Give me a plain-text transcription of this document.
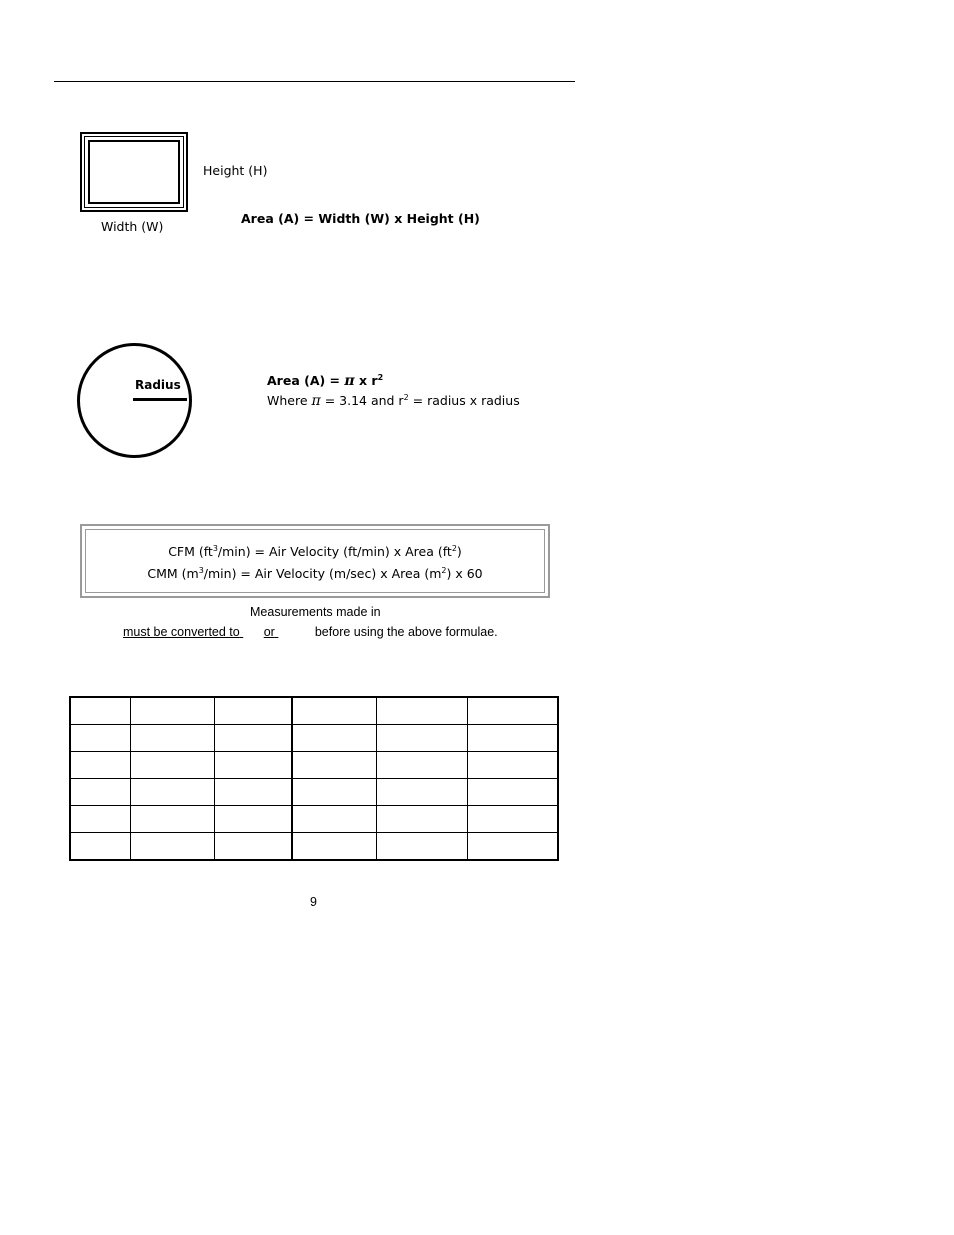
Height (H)
Width (W)
Area (A) = Width (W) x Height (H)
Radius	Area (A) = π x $r^2$
Where π = 3.14 and $r^2$ = radius x radius
CFM $(ft^3/\min)$ = Air Velocity (ft/min) x Area $(ft^2)$
CMM $(m^3/\min)$ = Air Velocity (m/sec) x Area $(m^2)$ x 60
Measurements made in
must be converted to or	before using the above formulae.

9
